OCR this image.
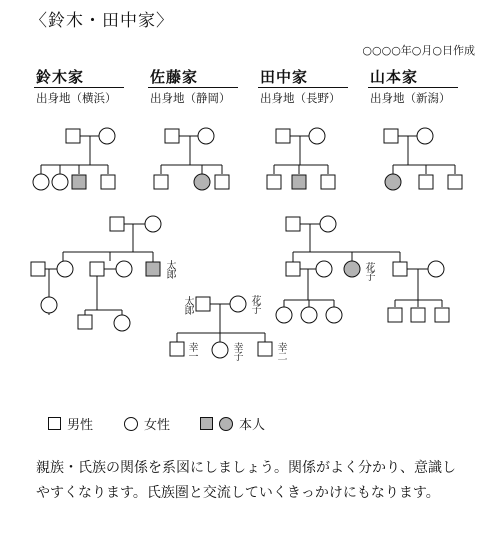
〈鈴木・田中家〉
○○○○年○月○日作成
鈴木家
出身地（横浜）
佐藤家
出身地（静岡）
田中家
出身地（長野）
山本家
出身地（新潟）
太郎	花子
太郎	花子
幸一	幸子	幸二
男性	女性	本人
親族・氏族の関係を系図にしましょう。関係がよく分かり、意識しやすくなります。氏族圏と交流していくきっかけにもなります。
